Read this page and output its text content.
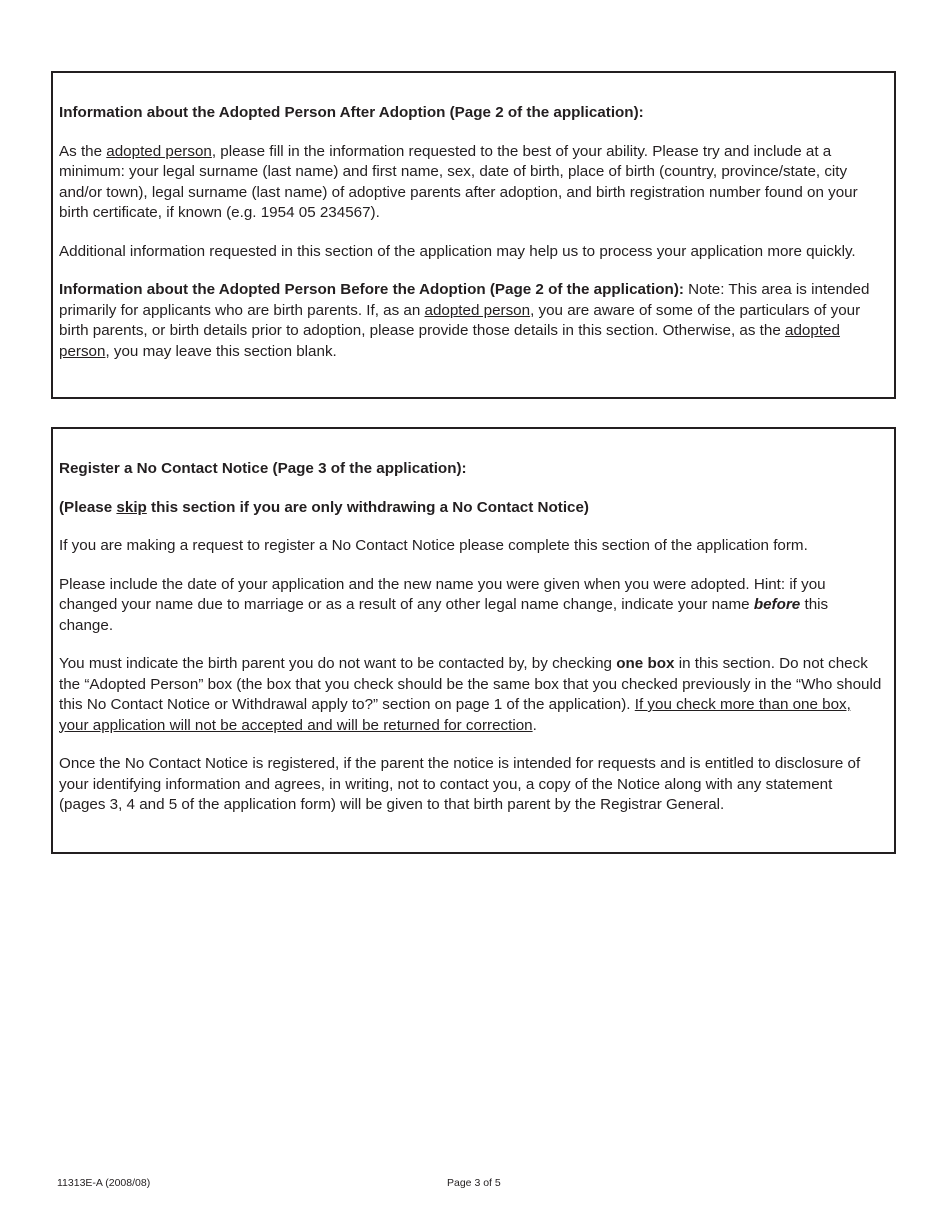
Information about the Adopted Person After Adoption (Page 2 of the application):

As the adopted person, please fill in the information requested to the best of your ability. Please try and include at a minimum: your legal surname (last name) and first name, sex, date of birth, place of birth (country, province/state, city and/or town), legal surname (last name) of adoptive parents after adoption, and birth registration number found on your birth certificate, if known (e.g. 1954 05 234567).

Additional information requested in this section of the application may help us to process your application more quickly.

Information about the Adopted Person Before the Adoption (Page 2 of the application): Note: This area is intended primarily for applicants who are birth parents. If, as an adopted person, you are aware of some of the particulars of your birth parents, or birth details prior to adoption, please provide those details in this section. Otherwise, as the adopted person, you may leave this section blank.

Register a No Contact Notice (Page 3 of the application):

(Please skip this section if you are only withdrawing a No Contact Notice)

If you are making a request to register a No Contact Notice please complete this section of the application form.

Please include the date of your application and the new name you were given when you were adopted. Hint: if you changed your name due to marriage or as a result of any other legal name change, indicate your name before this change.

You must indicate the birth parent you do not want to be contacted by, by checking one box in this section. Do not check the “Adopted Person” box (the box that you check should be the same box that you checked previously in the “Who should this No Contact Notice or Withdrawal apply to?” section on page 1 of the application). If you check more than one box, your application will not be accepted and will be returned for correction.

Once the No Contact Notice is registered, if the parent the notice is intended for requests and is entitled to disclosure of your identifying information and agrees, in writing, not to contact you, a copy of the Notice along with any statement (pages 3, 4 and 5 of the application form) will be given to that birth parent by the Registrar General.

11313E-A (2008/08)	Page 3 of 5
